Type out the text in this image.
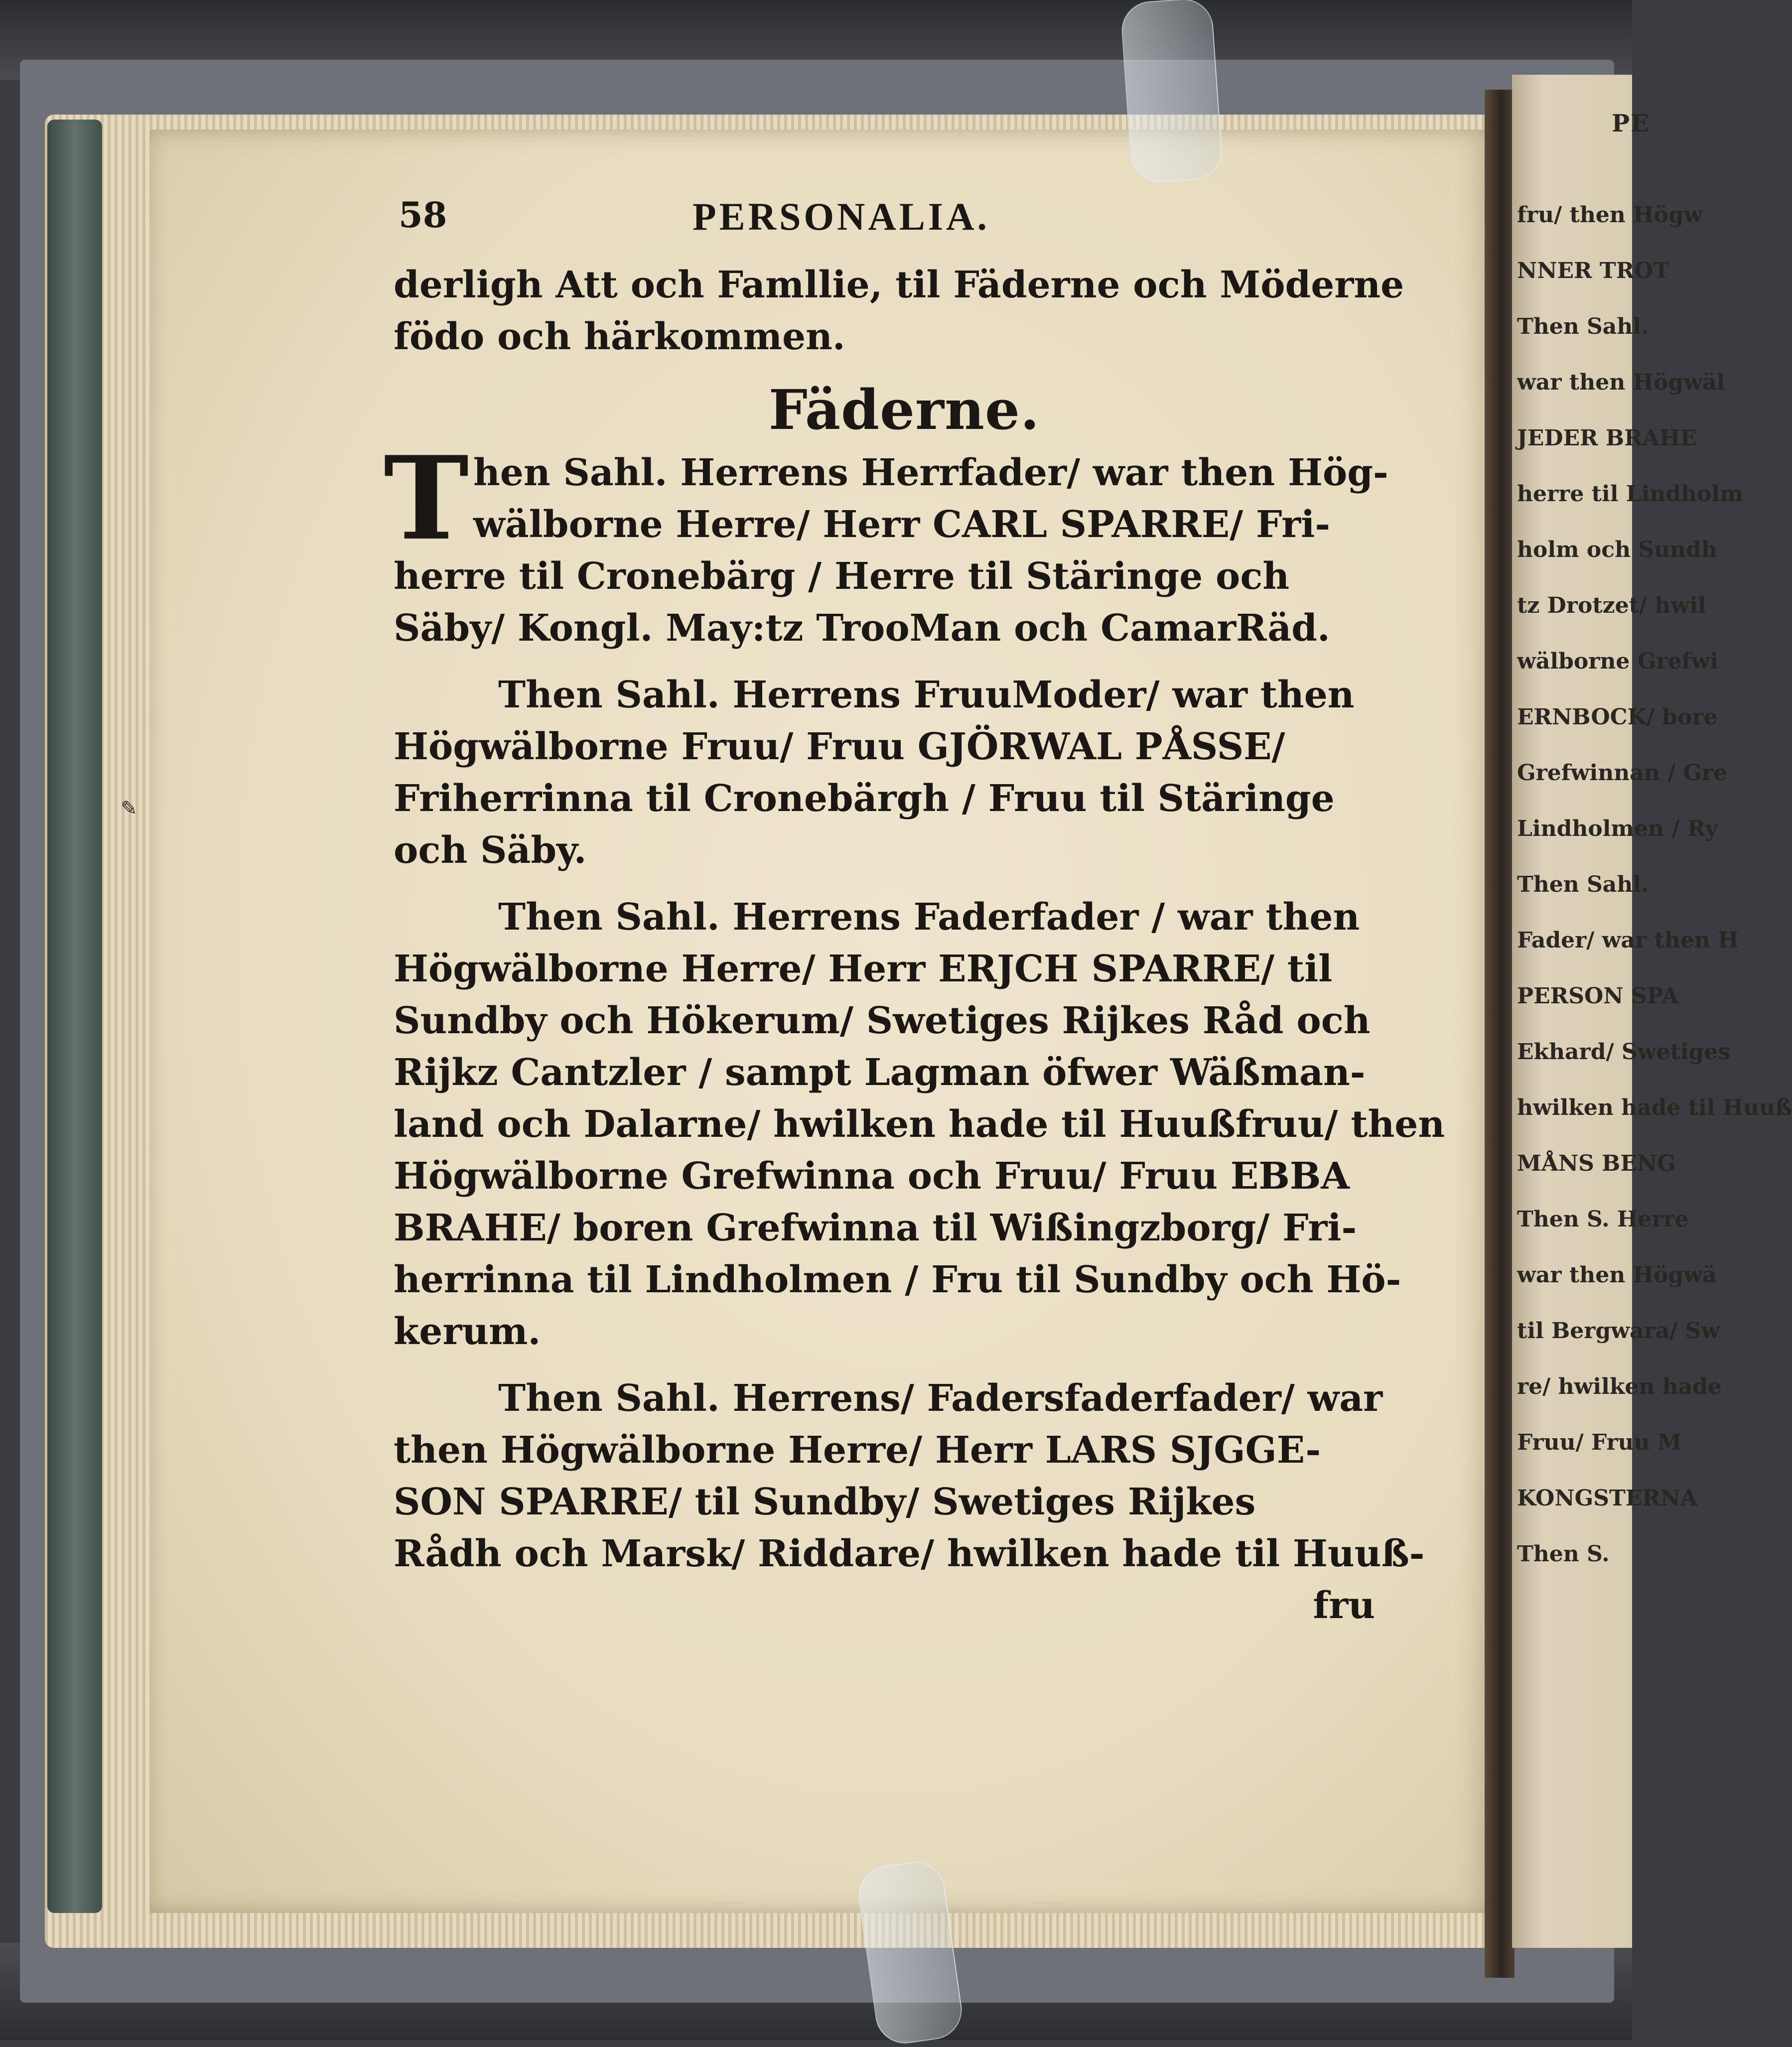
PE
fru/ then Högw
NNER TROT
Then Sahl.
war then Högwäl
JEDER BRAHE
herre til Lindholm
holm och Sundh
tz Drotzet/ hwil
wälborne Grefwi
ERNBOCK/ bore
Grefwinnan / Gre
Lindholmen / Ry
Then Sahl.
Fader/ war then H
PERSON SPA
Ekhard/ Swetiges
hwilken hade til Huuß
MÅNS BENG
Then S. Herre
war then Högwä
til Bergwara/ Sw
re/ hwilken hade
Fruu/ Fruu M
KONGSTERNA
Then S.
✎
58	PERSONALIA.
derligh Att och Famllie, til Fäderne och Möderne
födo och härkommen.
Fäderne.
T hen Sahl. Herrens Herrfader/ war then Hög-
wälborne Herre/ Herr CARL SPARRE/ Fri-
herre til Cronebärg / Herre til Stäringe och
Säby/ Kongl. May:tz TrooMan och CamarRäd.
Then Sahl. Herrens FruuModer/ war then
Högwälborne Fruu/ Fruu GJÖRWAL PÅSSE/
Friherrinna til Cronebärgh / Fruu til Stäringe
och Säby.
Then Sahl. Herrens Faderfader / war then
Högwälborne Herre/ Herr ERJCH SPARRE/ til
Sundby och Hökerum/ Swetiges Rijkes Råd och
Rijkz Cantzler / sampt Lagman öfwer Wäßman-
land och Dalarne/ hwilken hade til Huußfruu/ then
Högwälborne Grefwinna och Fruu/ Fruu EBBA
BRAHE/ boren Grefwinna til Wißingzborg/ Fri-
herrinna til Lindholmen / Fru til Sundby och Hö-
kerum.
Then Sahl. Herrens/ Fadersfaderfader/ war
then Högwälborne Herre/ Herr LARS SJGGE-
SON SPARRE/ til Sundby/ Swetiges Rijkes
Rådh och Marsk/ Riddare/ hwilken hade til Huuß-
fru
